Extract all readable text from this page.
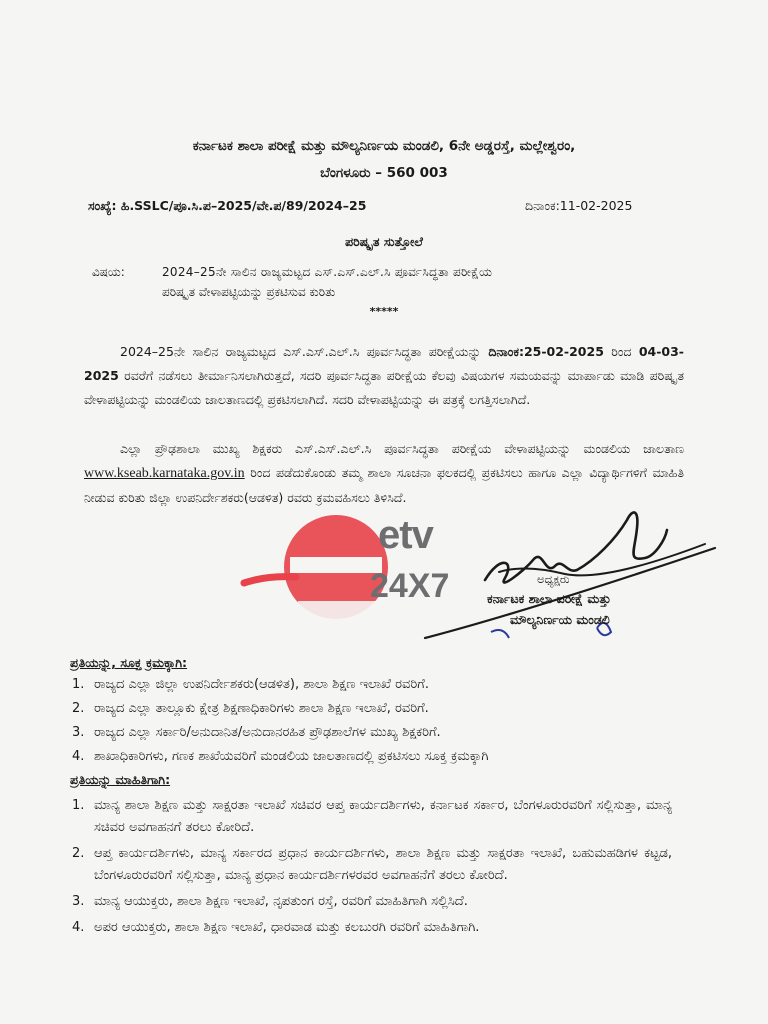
ಕರ್ನಾಟಕ ಶಾಲಾ ಪರೀಕ್ಷೆ ಮತ್ತು ಮೌಲ್ಯನಿರ್ಣಯ ಮಂಡಲಿ, 6ನೇ ಅಡ್ಡರಸ್ತೆ, ಮಲ್ಲೇಶ್ವರಂ,

ಬೆಂಗಳೂರು – 560 003

ಸಂಖ್ಯೆ: ಹಿ.SSLC/ಪೂ.ಸಿ.ಪ–2025/ವೇ.ಪ/89/2024–25	ದಿನಾಂಕ:11-02-2025

ಪರಿಷ್ಕೃತ ಸುತ್ತೋಲೆ

ವಿಷಯ:	2024–25ನೇ ಸಾಲಿನ ರಾಜ್ಯಮಟ್ಟದ ಎಸ್.ಎಸ್.ಎಲ್.ಸಿ ಪೂರ್ವಸಿದ್ಧತಾ ಪರೀಕ್ಷೆಯ

ಪರಿಷ್ಕೃತ ವೇಳಾಪಟ್ಟಿಯನ್ನು ಪ್ರಕಟಿಸುವ ಕುರಿತು

*****

2024–25ನೇ ಸಾಲಿನ ರಾಜ್ಯಮಟ್ಟದ ಎಸ್.ಎಸ್.ಎಲ್.ಸಿ ಪೂರ್ವಸಿದ್ಧತಾ ಪರೀಕ್ಷೆಯನ್ನು ದಿನಾಂಕ:25-02-2025 ರಿಂದ 04-03-2025 ರವರೆಗೆ ನಡೆಸಲು ತೀರ್ಮಾನಿಸಲಾಗಿರುತ್ತದೆ, ಸದರಿ ಪೂರ್ವಸಿದ್ಧತಾ ಪರೀಕ್ಷೆಯ ಕೆಲವು ವಿಷಯಗಳ ಸಮಯವನ್ನು ಮಾರ್ಪಾಡು ಮಾಡಿ ಪರಿಷ್ಕೃತ ವೇಳಾಪಟ್ಟಿಯನ್ನು ಮಂಡಲಿಯ ಜಾಲತಾಣದಲ್ಲಿ ಪ್ರಕಟಿಸಲಾಗಿದೆ. ಸದರಿ ವೇಳಾಪಟ್ಟಿಯನ್ನು ಈ ಪತ್ರಕ್ಕೆ ಲಗತ್ತಿಸಲಾಗಿದೆ.

ಎಲ್ಲಾ ಪ್ರೌಢಶಾಲಾ ಮುಖ್ಯ ಶಿಕ್ಷಕರು ಎಸ್.ಎಸ್.ಎಲ್.ಸಿ ಪೂರ್ವಸಿದ್ಧತಾ ಪರೀಕ್ಷೆಯ ವೇಳಾಪಟ್ಟಿಯನ್ನು ಮಂಡಲಿಯ ಜಾಲತಾಣ www.kseab.karnataka.gov.in ರಿಂದ ಪಡೆದುಕೊಂಡು ತಮ್ಮ ಶಾಲಾ ಸೂಚನಾ ಫಲಕದಲ್ಲಿ ಪ್ರಕಟಿಸಲು ಹಾಗೂ ಎಲ್ಲಾ ವಿದ್ಯಾರ್ಥಿಗಳಿಗೆ ಮಾಹಿತಿ ನೀಡುವ ಕುರಿತು ಜಿಲ್ಲಾ ಉಪನಿರ್ದೇಶಕರು(ಆಡಳಿತ) ರವರು ಕ್ರಮವಹಿಸಲು ತಿಳಿಸಿದೆ.

etv
24X7	ಅಧ್ಯಕ್ಷರು

ಕರ್ನಾಟಕ ಶಾಲಾ ಪರೀಕ್ಷೆ ಮತ್ತು

ಮೌಲ್ಯನಿರ್ಣಯ ಮಂಡಲಿ

ಪ್ರತಿಯನ್ನು, ಸೂಕ್ತ ಕ್ರಮಕ್ಕಾಗಿ:

1. ರಾಜ್ಯದ ಎಲ್ಲಾ ಜಿಲ್ಲಾ ಉಪನಿರ್ದೇಶಕರು(ಆಡಳಿತ), ಶಾಲಾ ಶಿಕ್ಷಣ ಇಲಾಖೆ ರವರಿಗೆ.
2. ರಾಜ್ಯದ ಎಲ್ಲಾ ತಾಲ್ಲೂಕು ಕ್ಷೇತ್ರ ಶಿಕ್ಷಣಾಧಿಕಾರಿಗಳು ಶಾಲಾ ಶಿಕ್ಷಣ ಇಲಾಖೆ, ರವರಿಗೆ.
3. ರಾಜ್ಯದ ಎಲ್ಲಾ ಸರ್ಕಾರಿ/ಅನುದಾನಿತ/ಅನುದಾನರಹಿತ ಪ್ರೌಢಶಾಲೆಗಳ ಮುಖ್ಯ ಶಿಕ್ಷಕರಿಗೆ.
4. ಶಾಖಾಧಿಕಾರಿಗಳು, ಗಣಕ ಶಾಖೆಯವರಿಗೆ ಮಂಡಲಿಯ ಜಾಲತಾಣದಲ್ಲಿ ಪ್ರಕಟಿಸಲು ಸೂಕ್ತ ಕ್ರಮಕ್ಕಾಗಿ

ಪ್ರತಿಯನ್ನು ಮಾಹಿತಿಗಾಗಿ:

1. ಮಾನ್ಯ ಶಾಲಾ ಶಿಕ್ಷಣ ಮತ್ತು ಸಾಕ್ಷರತಾ ಇಲಾಖೆ ಸಚಿವರ ಆಪ್ತ ಕಾರ್ಯದರ್ಶಿಗಳು, ಕರ್ನಾಟಕ ಸರ್ಕಾರ, ಬೆಂಗಳೂರುರವರಿಗೆ ಸಲ್ಲಿಸುತ್ತಾ, ಮಾನ್ಯ ಸಚಿವರ ಅವಗಾಹನಗೆ ತರಲು ಕೋರಿದೆ.
2. ಆಪ್ತ ಕಾರ್ಯದರ್ಶಿಗಳು, ಮಾನ್ಯ ಸರ್ಕಾರದ ಪ್ರಧಾನ ಕಾರ್ಯದರ್ಶಿಗಳು, ಶಾಲಾ ಶಿಕ್ಷಣ ಮತ್ತು ಸಾಕ್ಷರತಾ ಇಲಾಖೆ, ಬಹುಮಹಡಿಗಳ ಕಟ್ಟಡ, ಬೆಂಗಳೂರುರವರಿಗೆ ಸಲ್ಲಿಸುತ್ತಾ, ಮಾನ್ಯ ಪ್ರಧಾನ ಕಾರ್ಯದರ್ಶಿಗಳರವರ ಅವಗಾಹನೆಗೆ ತರಲು ಕೋರಿದೆ.
3. ಮಾನ್ಯ ಆಯುಕ್ತರು, ಶಾಲಾ ಶಿಕ್ಷಣ ಇಲಾಖೆ, ನೃಪತುಂಗ ರಸ್ತೆ, ರವರಿಗೆ ಮಾಹಿತಿಗಾಗಿ ಸಲ್ಲಿಸಿದೆ.
4. ಅಪರ ಆಯುಕ್ತರು, ಶಾಲಾ ಶಿಕ್ಷಣ ಇಲಾಖೆ, ಧಾರವಾಡ ಮತ್ತು ಕಲಬುರಗಿ ರವರಿಗೆ ಮಾಹಿತಿಗಾಗಿ.
